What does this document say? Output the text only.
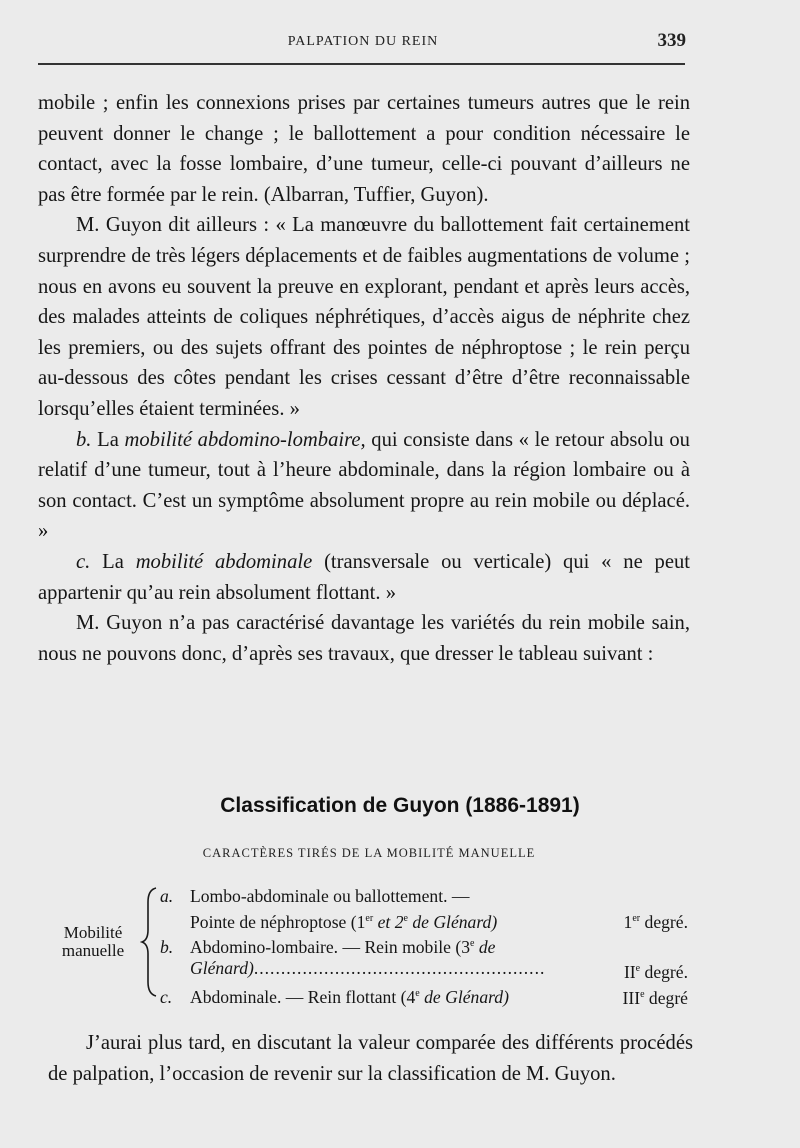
PALPATION DU REIN	339

mobile ; enfin les connexions prises par certaines tumeurs autres que le rein peuvent donner le change ; le ballottement a pour condition nécessaire le contact, avec la fosse lombaire, d’une tumeur, celle-ci pouvant d’ailleurs ne pas être formée par le rein. (Albarran, Tuffier, Guyon).

M. Guyon dit ailleurs : « La manœuvre du ballottement fait certainement surprendre de très légers déplacements et de faibles augmentations de volume ; nous en avons eu souvent la preuve en explorant, pendant et après leurs accès, des malades atteints de coliques néphrétiques, d’accès aigus de néphrite chez les premiers, ou des sujets offrant des pointes de néphroptose ; le rein perçu au-dessous des côtes pendant les crises cessant d’être d’être reconnaissable lorsqu’elles étaient terminées. »

b. La mobilité abdomino-lombaire, qui consiste dans « le retour absolu ou relatif d’une tumeur, tout à l’heure abdominale, dans la région lombaire ou à son contact. C’est un symptôme absolument propre au rein mobile ou déplacé. »

c. La mobilité abdominale (transversale ou verticale) qui « ne peut appartenir qu’au rein absolument flottant. »

M. Guyon n’a pas caractérisé davantage les variétés du rein mobile sain, nous ne pouvons donc, d’après ses travaux, que dresser le tableau suivant :

Classification de Guyon (1886-1891)
CARACTÈRES TIRÉS DE LA MOBILITÉ MANUELLE
Mobilité
manuelle
a. Lombo-abdominale ou ballottement. —
Pointe de néphroptose (1er et 2e de Glénard)	1er degré.
b. Abdomino-lombaire. — Rein mobile (3e de
Glénard) ......................................................	IIe degré.
c. Abdominale. — Rein flottant (4e de Glénard)	IIIe degré

J’aurai plus tard, en discutant la valeur comparée des différents procédés de palpation, l’occasion de revenir sur la classification de M. Guyon.
